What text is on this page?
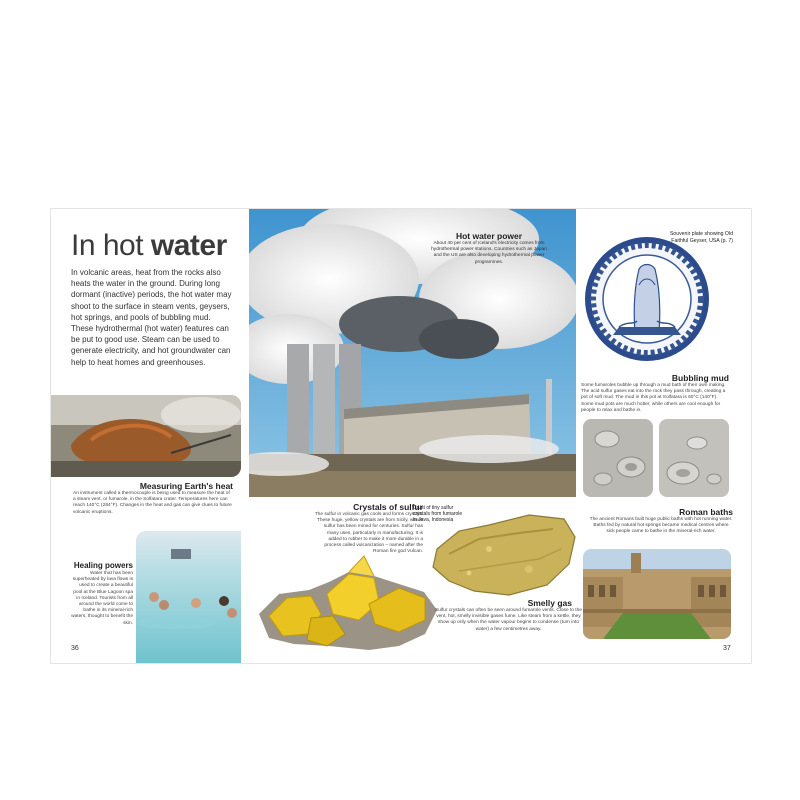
In hot water
In volcanic areas, heat from the rocks also heats the water in the ground. During long dormant (inactive) periods, the hot water may shoot to the surface in steam vents, geysers, hot springs, and pools of bubbling mud. These hydrothermal (hot water) features can be put to good use. Steam can be used to generate electricity, and hot groundwater can help to heat homes and greenhouses.
Hot water power
About 40 per cent of Iceland's electricity comes from hydrothermal power stations. Countries such as Japan and the US are also developing hydrothermal power programmes.
Souvenir plate showing Old Faithful Geyser, USA (p. 7)
Bubbling mud
Some fumaroles bubble up through a mud bath of their own making. The acid sulfur gases eat into the rock they pass through, creating a pot of soft mud. The mud in this pot at Solfatara is 60°C (140°F). Some mud pots are much hotter, while others are cool enough for people to relax and bathe in.
Measuring Earth's heat
An instrument called a thermocouple is being used to measure the heat of a steam vent, or fumarole, in the Solfatara crater. Temperatures here can reach 140°C (284°F). Changes in the heat and gas can give clues to future volcanic eruptions.
Healing powers
Water that has been superheated by lava flows is used to create a beautiful pool at the Blue Lagoon spa in Iceland. Tourists from all around the world come to bathe in its mineral-rich waters, thought to benefit the skin.
Crystals of sulfur
The sulfur in volcanic gas cools and forms crystals. These huge, yellow crystals are from Sicily, where sulfur has been mined for centuries. Sulfur has many uses, particularly in manufacturing. It is added to rubber to make it more durable in a process called vulcanization – named after the Roman fire god Vulcan.
Crust of tiny sulfur crystals from fumarole in Java, Indonesia
Smelly gas
Sulfur crystals can often be seen around fumarole vents. Close to the vent, hot, smelly invisible gases fume. Like steam from a kettle, they show up only when the water vapour begins to condense (turn into water) a few centimetres away.
Roman baths
The ancient Romans built huge public baths with hot running water. Baths fed by natural hot springs became medical centres where sick people came to bathe in the mineral-rich water.
36	37
